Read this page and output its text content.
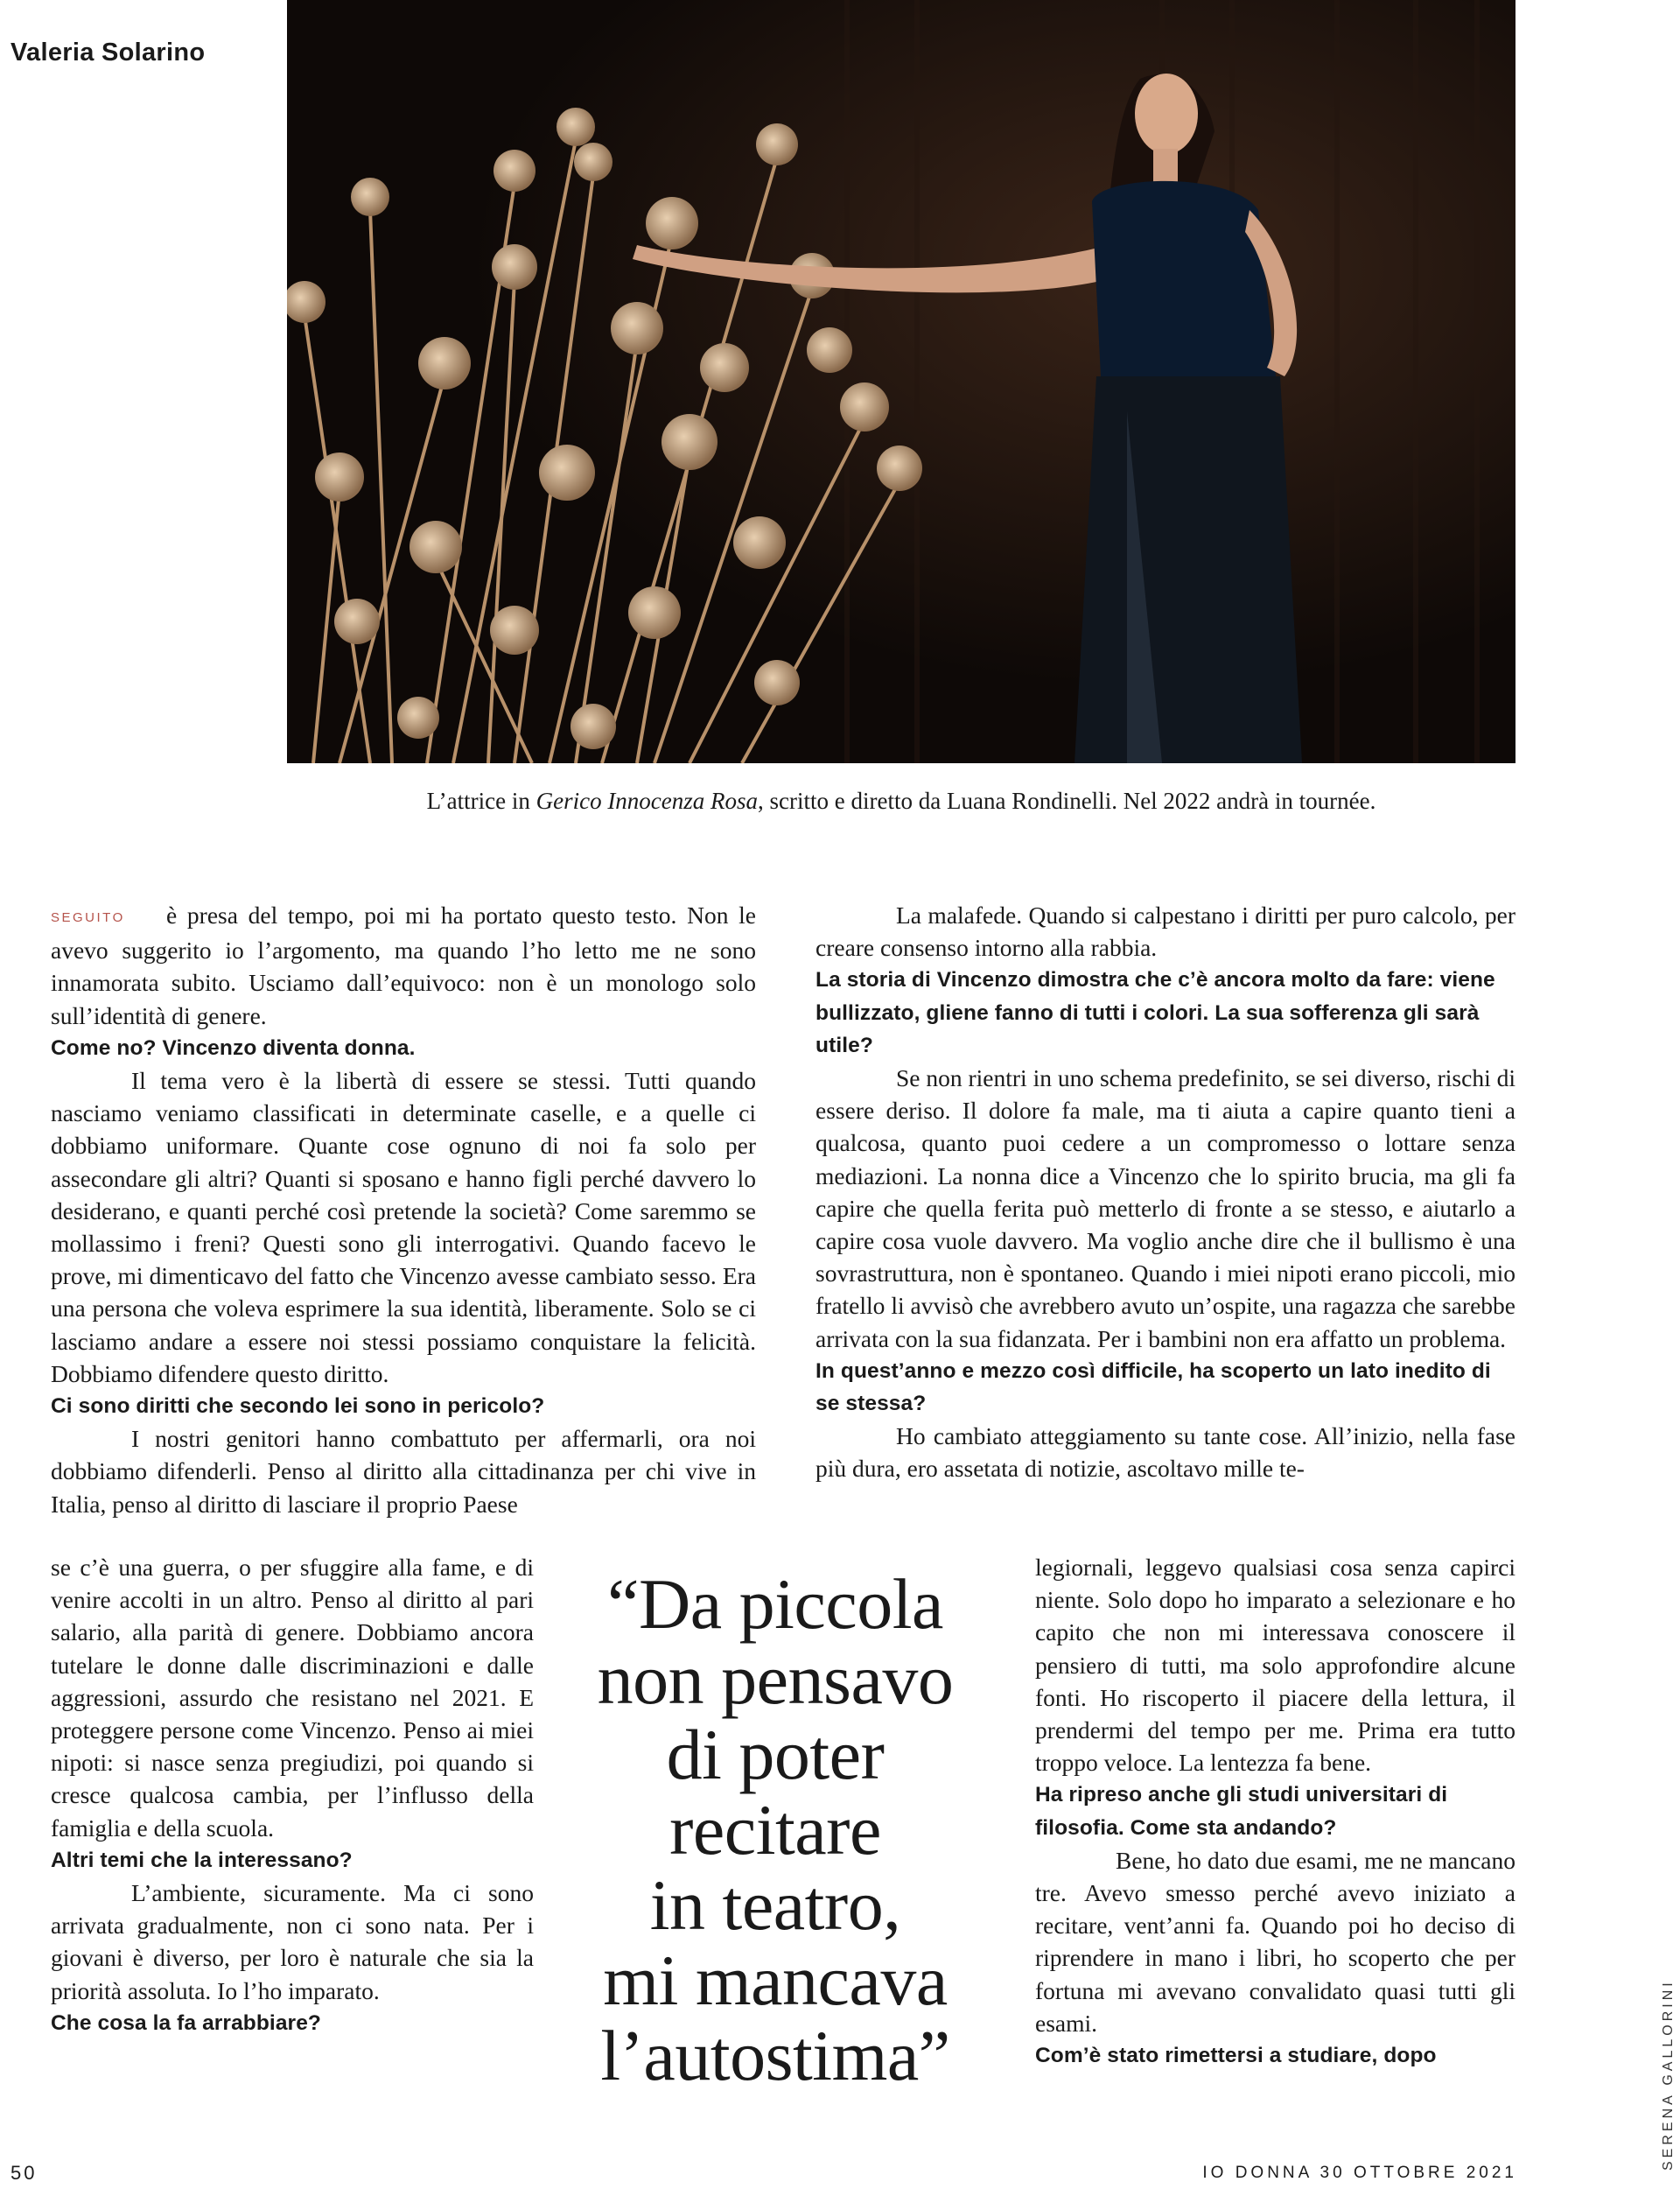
Valeria Solarino
L’attrice in Gerico Innocenza Rosa, scritto e diretto da Luana Rondinelli. Nel 2022 andrà in tournée.

SEGUITO è presa del tempo, poi mi ha portato questo testo. Non le avevo suggerito io l’argomento, ma quando l’ho letto me ne sono innamorata subito. Usciamo dall’equivoco: non è un monologo solo sull’identità di genere.

Come no? Vincenzo diventa donna.

Il tema vero è la libertà di essere se stessi. Tutti quando nasciamo veniamo classificati in determinate caselle, e a quelle ci dobbiamo uniformare. Quante cose ognuno di noi fa solo per assecondare gli altri? Quanti si sposano e hanno figli perché davvero lo desiderano, e quanti perché così pretende la società? Come saremmo se mollassimo i freni? Questi sono gli interrogativi. Quando facevo le prove, mi dimenticavo del fatto che Vincenzo avesse cambiato sesso. Era una persona che voleva esprimere la sua identità, liberamente. Solo se ci lasciamo andare a essere noi stessi possiamo conquistare la felicità. Dobbiamo difendere questo diritto.

Ci sono diritti che secondo lei sono in pericolo?

I nostri genitori hanno combattuto per affermarli, ora noi dobbiamo difenderli. Penso al diritto alla cittadinanza per chi vive in Italia, penso al diritto di lasciare il proprio Paese

se c’è una guerra, o per sfuggire alla fame, e di venire accolti in un altro. Penso al diritto al pari salario, alla parità di genere. Dobbiamo ancora tutelare le donne dalle discriminazioni e dalle aggressioni, assurdo che resistano nel 2021. E proteggere persone come Vincenzo. Penso ai miei nipoti: si nasce senza pregiudizi, poi quando si cresce qualcosa cambia, per l’influsso della famiglia e della scuola.

Altri temi che la interessano?

L’ambiente, sicuramente. Ma ci sono arrivata gradualmente, non ci sono nata. Per i giovani è diverso, per loro è naturale che sia la priorità assoluta. Io l’ho imparato.

Che cosa la fa arrabbiare?

La malafede. Quando si calpestano i diritti per puro calcolo, per creare consenso intorno alla rabbia.

La storia di Vincenzo dimostra che c’è ancora molto da fare: viene bullizzato, gliene fanno di tutti i colori. La sua sofferenza gli sarà utile?

Se non rientri in uno schema predefinito, se sei diverso, rischi di essere deriso. Il dolore fa male, ma ti aiuta a capire quanto tieni a qualcosa, quanto puoi cedere a un compromesso o lottare senza mediazioni. La nonna dice a Vincenzo che lo spirito brucia, ma gli fa capire che quella ferita può metterlo di fronte a se stesso, e aiutarlo a capire cosa vuole davvero. Ma voglio anche dire che il bullismo è una sovrastruttura, non è spontaneo. Quando i miei nipoti erano piccoli, mio fratello li avvisò che avrebbero avuto un’ospite, una ragazza che sarebbe arrivata con la sua fidanzata. Per i bambini non era affatto un problema.

In quest’anno e mezzo così difficile, ha scoperto un lato inedito di se stessa?

Ho cambiato atteggiamento su tante cose. All’inizio, nella fase più dura, ero assetata di notizie, ascoltavo mille te-

legiornali, leggevo qualsiasi cosa senza capirci niente. Solo dopo ho imparato a selezionare e ho capito che non mi interessava conoscere il pensiero di tutti, ma solo approfondire alcune fonti. Ho riscoperto il piacere della lettura, il prendermi del tempo per me. Prima era tutto troppo veloce. La lentezza fa bene.

Ha ripreso anche gli studi universitari di filosofia. Come sta andando?

Bene, ho dato due esami, me ne mancano tre. Avevo smesso perché avevo iniziato a recitare, vent’anni fa. Quando poi ho deciso di riprendere in mano i libri, ho scoperto che per fortuna mi avevano convalidato quasi tutti gli esami.

Com’è stato rimettersi a studiare, dopo

“Da piccola
non pensavo
di poter
recitare
in teatro,
mi mancava
l’autostima”
50	IO DONNA 30 OTTOBRE 2021
SERENA GALLORINI
